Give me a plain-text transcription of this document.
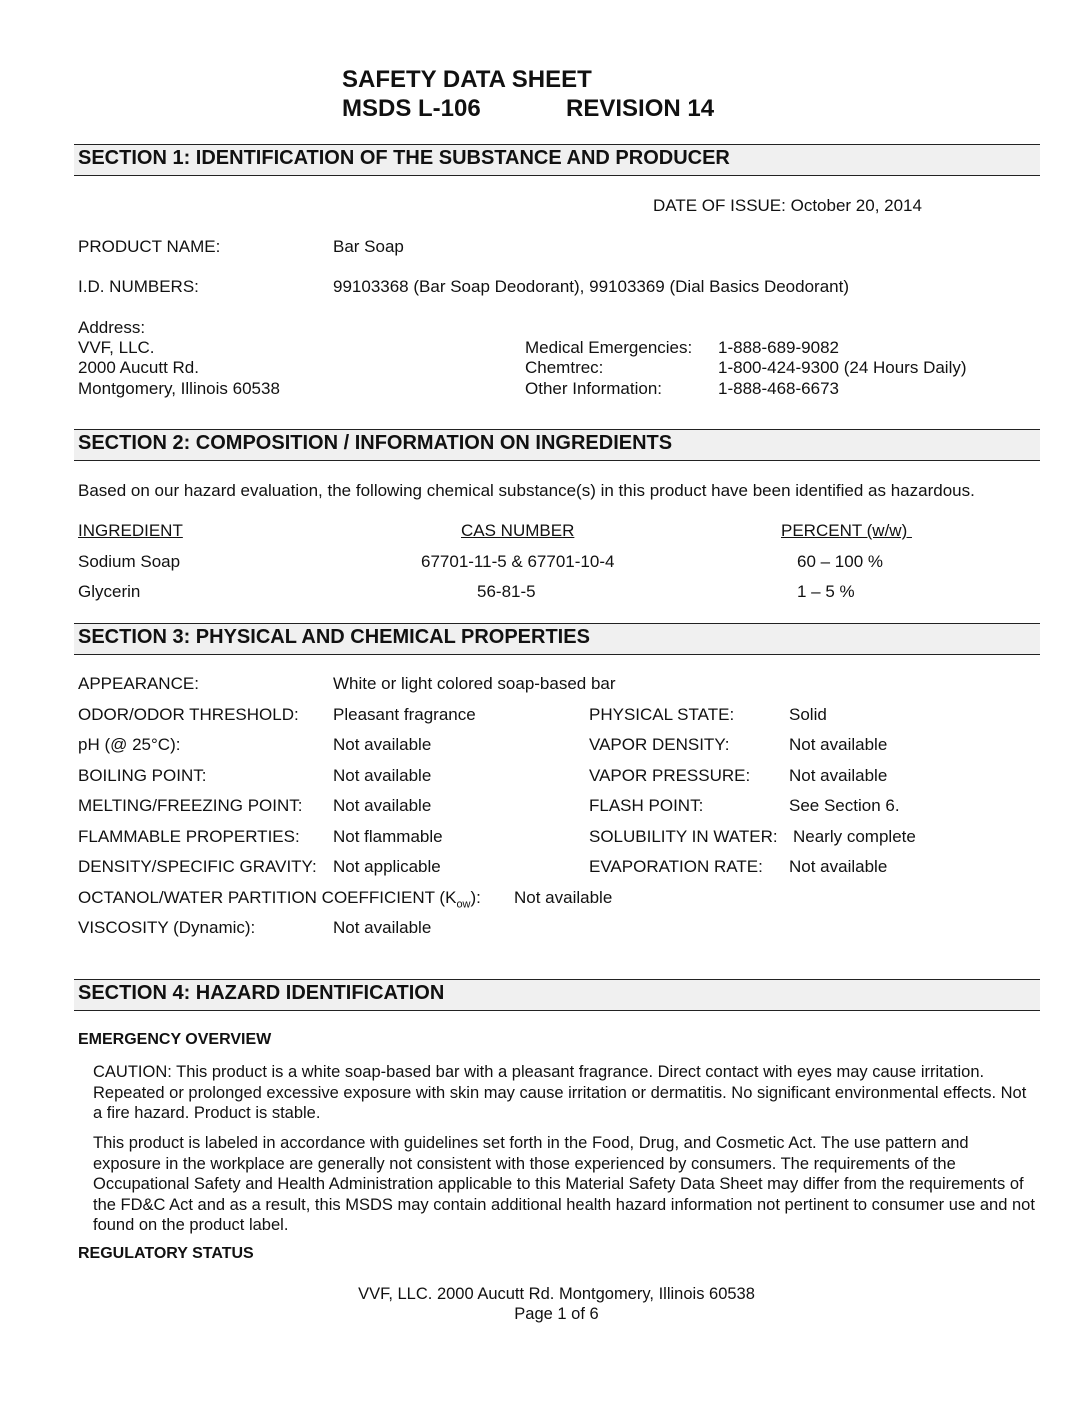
SAFETY DATA SHEET
MSDS L-106	REVISION 14
SECTION 1: IDENTIFICATION OF THE SUBSTANCE AND PRODUCER
DATE OF ISSUE: October 20, 2014
PRODUCT NAME:	Bar Soap
I.D. NUMBERS:	99103368 (Bar Soap Deodorant), 99103369 (Dial Basics Deodorant)
Address:
VVF, LLC.
2000 Aucutt Rd.
Montgomery, Illinois 60538
Medical Emergencies: 1-888-689-9082
Chemtrec:	1-800-424-9300 (24 Hours Daily)
Other Information:	1-888-468-6673
SECTION 2: COMPOSITION / INFORMATION ON INGREDIENTS
Based on our hazard evaluation, the following chemical substance(s) in this product have been identified as hazardous.
INGREDIENT	CAS NUMBER	PERCENT (w/w)
Sodium Soap	67701-11-5 & 67701-10-4	60 – 100 %
Glycerin	56-81-5	1 – 5 %
SECTION 3: PHYSICAL AND CHEMICAL PROPERTIES
APPEARANCE:	White or light colored soap-based bar
ODOR/ODOR THRESHOLD: Pleasant fragrance	PHYSICAL STATE:	Solid
pH (@ 25°C):	Not available	VAPOR DENSITY:	Not available
BOILING POINT:	Not available	VAPOR PRESSURE: Not available
MELTING/FREEZING POINT: Not available	FLASH POINT:	See Section 6.
FLAMMABLE PROPERTIES: Not flammable	SOLUBILITY IN WATER: Nearly complete
DENSITY/SPECIFIC GRAVITY: Not applicable	EVAPORATION RATE: Not available
OCTANOL/WATER PARTITION COEFFICIENT $(K_{ow})$: Not available
VISCOSITY (Dynamic):	Not available
SECTION 4: HAZARD IDENTIFICATION
EMERGENCY OVERVIEW
CAUTION: This product is a white soap-based bar with a pleasant fragrance. Direct contact with eyes may cause irritation. Repeated or prolonged excessive exposure with skin may cause irritation or dermatitis. No significant environmental effects. Not a fire hazard. Product is stable.
This product is labeled in accordance with guidelines set forth in the Food, Drug, and Cosmetic Act. The use pattern and exposure in the workplace are generally not consistent with those experienced by consumers. The requirements of the Occupational Safety and Health Administration applicable to this Material Safety Data Sheet may differ from the requirements of the FD&C Act and as a result, this MSDS may contain additional health hazard information not pertinent to consumer use and not found on the product label.
REGULATORY STATUS
VVF, LLC. 2000 Aucutt Rd. Montgomery, Illinois 60538
Page 1 of 6
